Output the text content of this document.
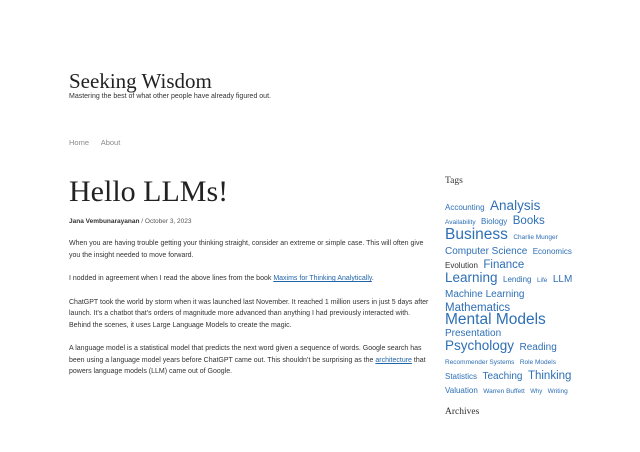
Seeking Wisdom
Mastering the best of what other people have already figured out.
Home About
Hello LLMs!
Jana Vembunarayanan / October 3, 2023

When you are having trouble getting your thinking straight, consider an extreme or simple case. This will often give you the insight needed to move forward.

I nodded in agreement when I read the above lines from the book Maxims for Thinking Analytically.

ChatGPT took the world by storm when it was launched last November. It reached 1 million users in just 5 days after launch. It’s a chatbot that’s orders of magnitude more advanced than anything I had previously interacted with. Behind the scenes, it uses Large Language Models to create the magic.

A language model is a statistical model that predicts the next word given a sequence of words. Google search has been using a language model years before ChatGPT came out. This shouldn’t be surprising as the architecture that powers language models (LLM) came out of Google.

Tags
Accounting Analysis Availability Biology Books Business Charlie Munger Computer Science Economics Evolution Finance Learning Lending Life LLM Machine Learning Mathematics Mental Models Presentation Psychology Reading Recommender Systems Role Models Statistics Teaching Thinking Valuation Warren Buffett Why Writing
Archives
